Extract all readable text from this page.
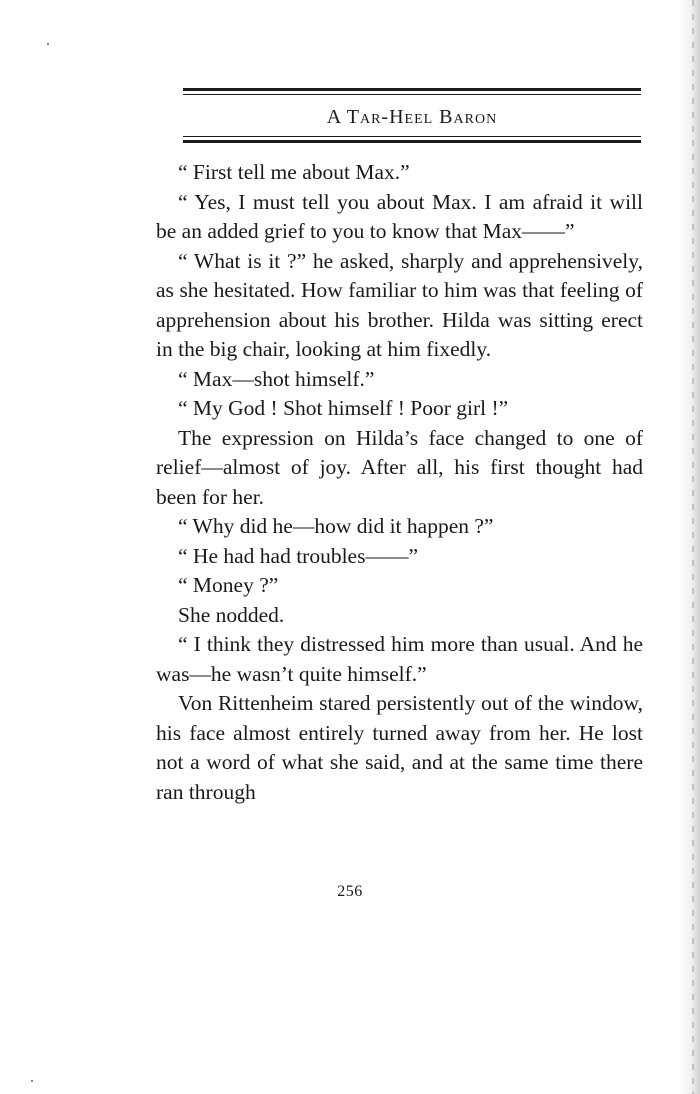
A Tar-Heel Baron

“ First tell me about Max.”

“ Yes, I must tell you about Max. I am afraid it will be an added grief to you to know that Max——”

“ What is it ?” he asked, sharply and apprehensively, as she hesitated. How familiar to him was that feeling of apprehension about his brother. Hilda was sitting erect in the big chair, looking at him fixedly.

“ Max—shot himself.”

“ My God ! Shot himself ! Poor girl !”

The expression on Hilda’s face changed to one of relief—almost of joy. After all, his first thought had been for her.

“ Why did he—how did it happen ?”

“ He had had troubles——”

“ Money ?”

She nodded.

“ I think they distressed him more than usual. And he was—he wasn’t quite himself.”

Von Rittenheim stared persistently out of the window, his face almost entirely turned away from her. He lost not a word of what she said, and at the same time there ran through

256
